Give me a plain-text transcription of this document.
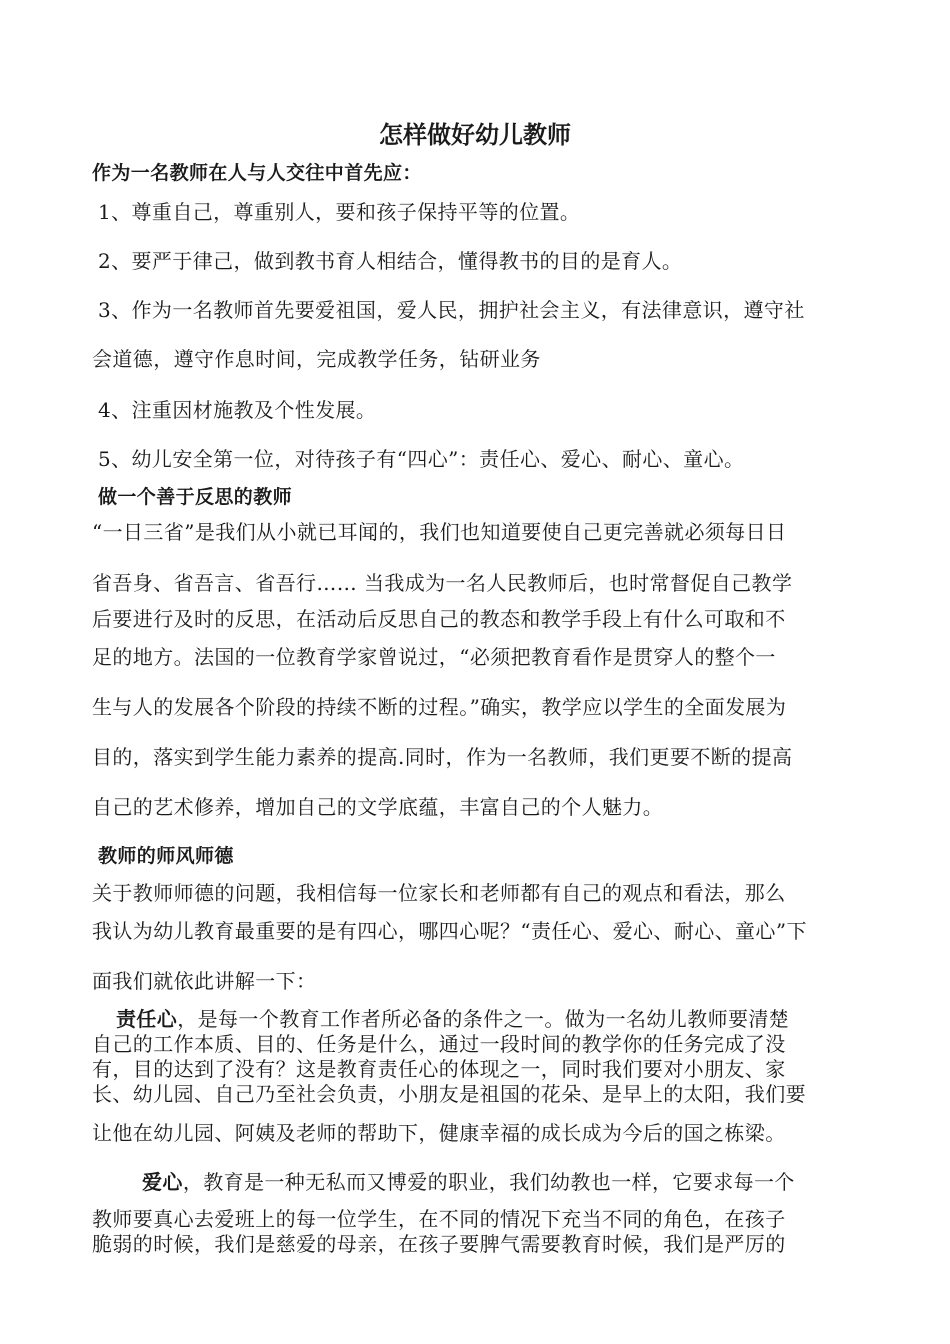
怎样做好幼儿教师
作为一名教师在人与人交往中首先应：
1、尊重自己，尊重别人，要和孩子保持平等的位置。
2、要严于律己，做到教书育人相结合，懂得教书的目的是育人。
3、作为一名教师首先要爱祖国，爱人民，拥护社会主义，有法律意识，遵守社
会道德，遵守作息时间，完成教学任务，钻研业务
4、注重因材施教及个性发展。
5、幼儿安全第一位，对待孩子有“四心”：责任心、爱心、耐心、童心。
做一个善于反思的教师
“一日三省”是我们从小就已耳闻的，我们也知道要使自己更完善就必须每日日
省吾身、省吾言、省吾行…… 当我成为一名人民教师后，也时常督促自己教学
后要进行及时的反思，在活动后反思自己的教态和教学手段上有什么可取和不
足的地方。法国的一位教育学家曾说过，“必须把教育看作是贯穿人的整个一
生与人的发展各个阶段的持续不断的过程。”确实，教学应以学生的全面发展为
目的，落实到学生能力素养的提高.同时，作为一名教师，我们更要不断的提高
自己的艺术修养，增加自己的文学底蕴，丰富自己的个人魅力。
教师的师风师德
关于教师师德的问题，我相信每一位家长和老师都有自己的观点和看法，那么
我认为幼儿教育最重要的是有四心，哪四心呢？“责任心、爱心、耐心、童心”下
面我们就依此讲解一下：
责任心，是每一个教育工作者所必备的条件之一。做为一名幼儿教师要清楚
自己的工作本质、目的、任务是什么，通过一段时间的教学你的任务完成了没
有，目的达到了没有？这是教育责任心的体现之一，同时我们要对小朋友、家
长、幼儿园、自己乃至社会负责，小朋友是祖国的花朵、是早上的太阳，我们要
让他在幼儿园、阿姨及老师的帮助下，健康幸福的成长成为今后的国之栋梁。
爱心，教育是一种无私而又博爱的职业，我们幼教也一样，它要求每一个
教师要真心去爱班上的每一位学生，在不同的情况下充当不同的角色，在孩子
脆弱的时候，我们是慈爱的母亲，在孩子要脾气需要教育时候，我们是严厉的
